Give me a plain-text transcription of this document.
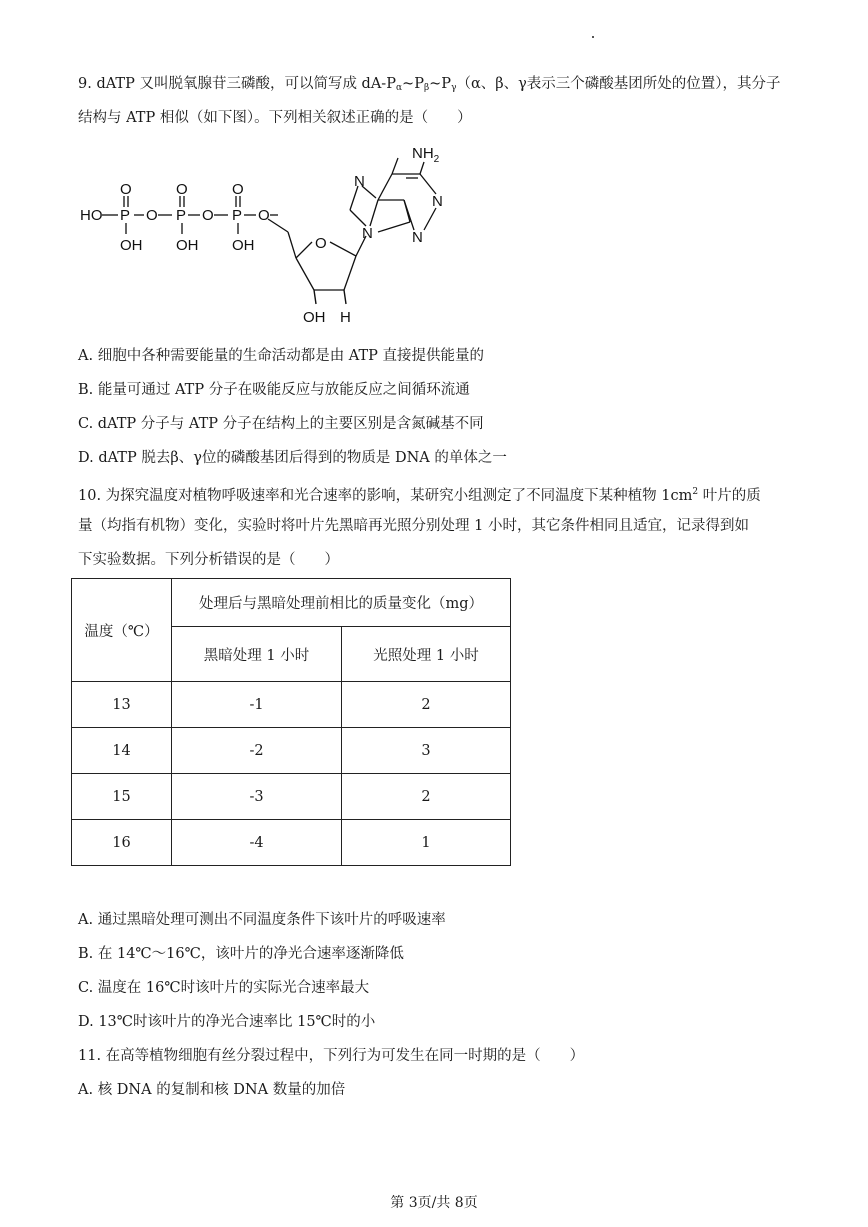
9. dATP 又叫脱氧腺苷三磷酸，可以简写成 $dA-P_\alpha\sim P_\beta\sim P_\gamma(\alpha$、β、γ表示三个磷酸基团所处的位置），其分子
结构与 ATP 相似（如下图）。下列相关叙述正确的是（　　）
HO P	P	P
O	O	O
O	O	O
OH OH OH	O
OH H
N
N
N
N
$NH_2$
A. 细胞中各种需要能量的生命活动都是由 ATP 直接提供能量的
B. 能量可通过 ATP 分子在吸能反应与放能反应之间循环流通
C. dATP 分子与 ATP 分子在结构上的主要区别是含氮碱基不同
D. dATP 脱去β、γ位的磷酸基团后得到的物质是 DNA 的单体之一
10. 为探究温度对植物呼吸速率和光合速率的影响，某研究小组测定了不同温度下某种植物 $1cm^2$ 叶片的质
量（均指有机物）变化，实验时将叶片先黑暗再光照分别处理 1 小时，其它条件相同且适宜，记录得到如
下实验数据。下列分析错误的是（　　）
温度（℃）	处理后与黑暗处理前相比的质量变化（mg）	
	黑暗处理 1 小时	光照处理 1 小时
13	-1	2
14	-2	3
15	-3	2
16	-4	1
A. 通过黑暗处理可测出不同温度条件下该叶片的呼吸速率
B. 在 14℃～16℃，该叶片的净光合速率逐渐降低
C. 温度在 16℃时该叶片的实际光合速率最大
D. 13℃时该叶片的净光合速率比 15℃时的小
11. 在高等植物细胞有丝分裂过程中，下列行为可发生在同一时期的是（　　）
A. 核 DNA 的复制和核 DNA 数量的加倍
第 3页/共 8页
